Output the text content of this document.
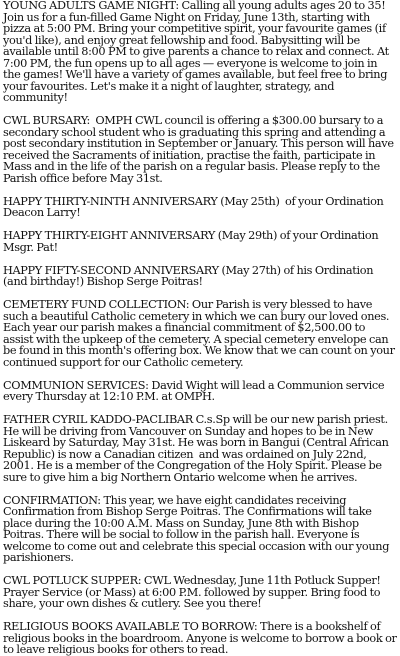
YOUNG ADULTS GAME NIGHT: Calling all young adults ages 20 to 35! Join us for a fun-filled Game Night on Friday, June 13th, starting with pizza at 5:00 PM. Bring your competitive spirit, your favourite games (if you'd like), and enjoy great fellowship and food. Babysitting will be available until 8:00 PM to give parents a chance to relax and connect. At 7:00 PM, the fun opens up to all ages — everyone is welcome to join in the games! We'll have a variety of games available, but feel free to bring your favourites. Let's make it a night of laughter, strategy, and community!

CWL BURSARY:  OMPH CWL council is offering a $300.00 bursary to a secondary school student who is graduating this spring and attending a post secondary institution in September or January. This person will have received the Sacraments of initiation, practise the faith, participate in Mass and in the life of the parish on a regular basis. Please reply to the Parish office before May 31st.

HAPPY THIRTY-NINTH ANNIVERSARY (May 25th)  of your Ordination Deacon Larry!

HAPPY THIRTY-EIGHT ANNIVERSARY (May 29th) of your Ordination Msgr. Pat!

HAPPY FIFTY-SECOND ANNIVERSARY (May 27th) of his Ordination (and birthday!) Bishop Serge Poitras!

CEMETERY FUND COLLECTION: Our Parish is very blessed to have such a beautiful Catholic cemetery in which we can bury our loved ones. Each year our parish makes a financial commitment of $2,500.00 to assist with the upkeep of the cemetery. A special cemetery envelope can be found in this month's offering box. We know that we can count on your continued support for our Catholic cemetery.

COMMUNION SERVICES: David Wight will lead a Communion service every Thursday at 12:10 P.M. at OMPH.

FATHER CYRIL KADDO-PACLIBAR C.s.Sp will be our new parish priest. He will be driving from Vancouver on Sunday and hopes to be in New Liskeard by Saturday, May 31st. He was born in Bangui (Central African Republic) is now a Canadian citizen  and was ordained on July 22nd, 2001. He is a member of the Congregation of the Holy Spirit. Please be sure to give him a big Northern Ontario welcome when he arrives.

CONFIRMATION: This year, we have eight candidates receiving Confirmation from Bishop Serge Poitras. The Confirmations will take place during the 10:00 A.M. Mass on Sunday, June 8th with Bishop Poitras. There will be social to follow in the parish hall. Everyone is welcome to come out and celebrate this special occasion with our young parishioners.

CWL POTLUCK SUPPER: CWL Wednesday, June 11th Potluck Supper!  Prayer Service (or Mass) at 6:00 P.M. followed by supper. Bring food to share, your own dishes & cutlery. See you there!

RELIGIOUS BOOKS AVAILABLE TO BORROW: There is a bookshelf of religious books in the boardroom. Anyone is welcome to borrow a book or to leave religious books for others to read.
